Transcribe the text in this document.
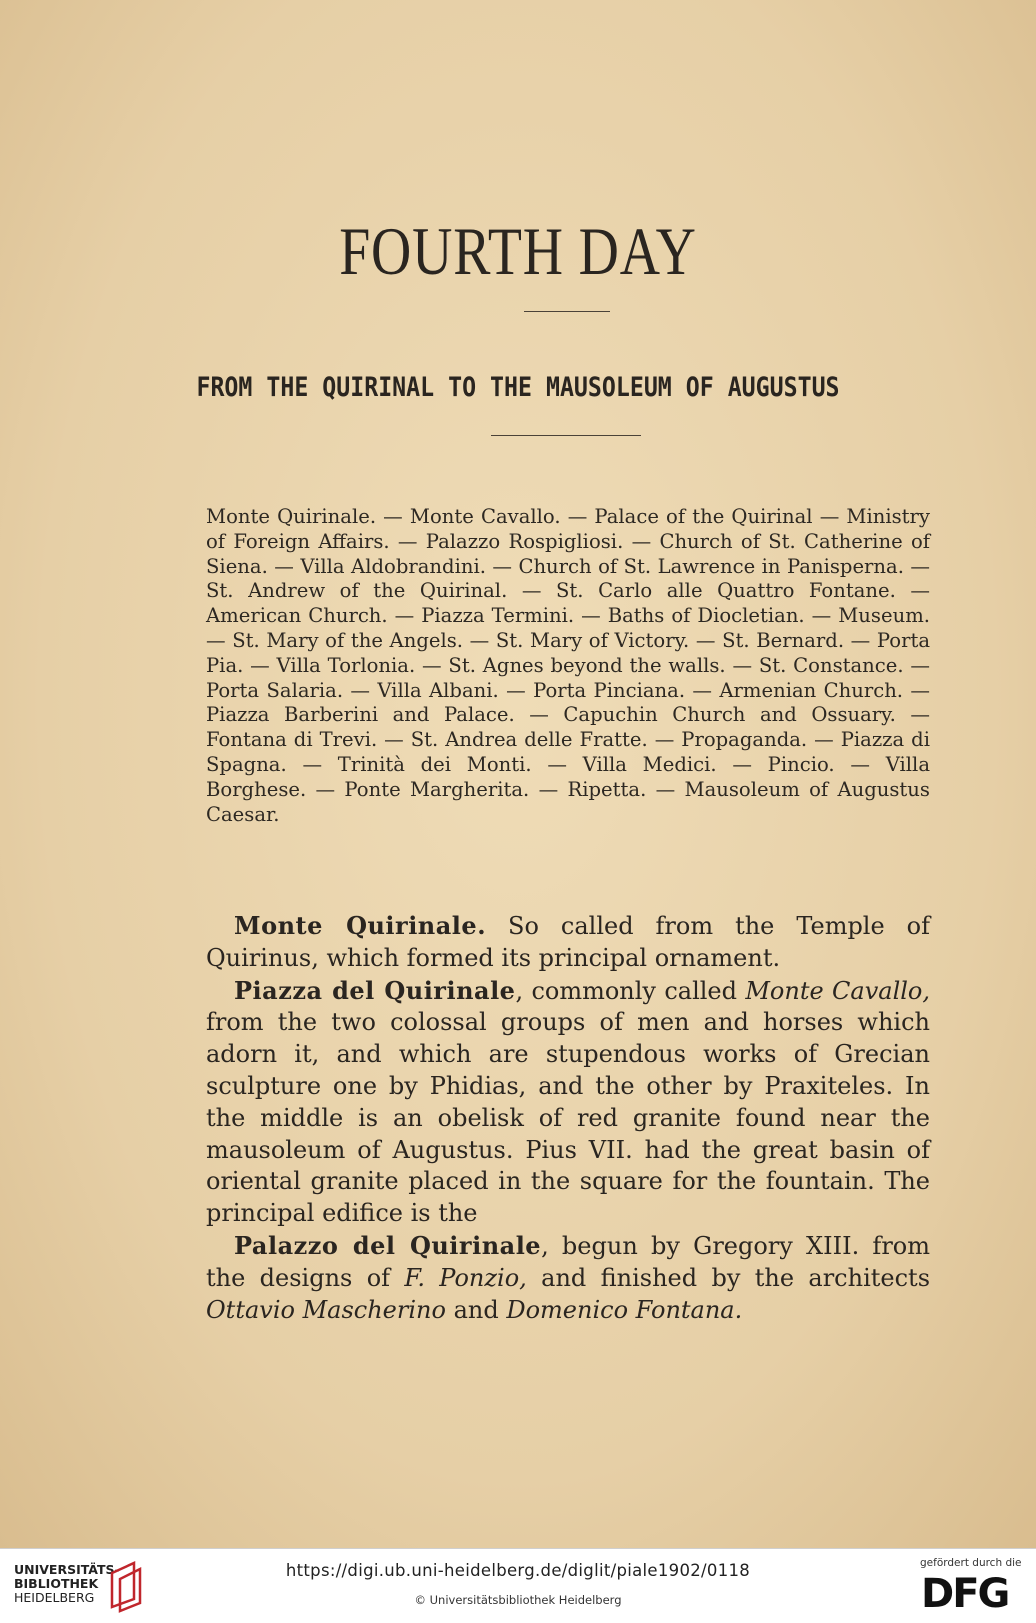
FOURTH DAY
FROM THE QUIRINAL TO THE MAUSOLEUM OF AUGUSTUS
Monte Quirinale. — Monte Cavallo. — Palace of the Quirinal — Ministry of Foreign Affairs. — Palazzo Rospigliosi. — Church of St. Catherine of Siena. — Villa Aldobrandini. — Church of St. Lawrence in Panisperna. — St. Andrew of the Quirinal. — St. Carlo alle Quattro Fontane. — American Church. — Piazza Termini. — Baths of Diocletian. — Museum. — St. Mary of the Angels. — St. Mary of Victory. — St. Bernard. — Porta Pia. — Villa Torlonia. — St. Agnes beyond the walls. — St. Constance. — Porta Salaria. — Villa Albani. — Porta Pinciana. — Armenian Church. — Piazza Barberini and Palace. — Capuchin Church and Ossuary. — Fontana di Trevi. — St. Andrea delle Fratte. — Propaganda. — Piazza di Spagna. — Trinità dei Monti. — Villa Medici. — Pincio. — Villa Borghese. — Ponte Margherita. — Ripetta. — Mausoleum of Augustus Caesar.

Monte Quirinale. So called from the Temple of Quirinus, which formed its principal ornament.

Piazza del Quirinale, commonly called Monte Cavallo, from the two colossal groups of men and horses which adorn it, and which are stupendous works of Grecian sculpture one by Phidias, and the other by Praxiteles. In the middle is an obelisk of red granite found near the mausoleum of Augustus. Pius VII. had the great basin of oriental granite placed in the square for the fountain. The principal edifice is the

Palazzo del Quirinale, begun by Gregory XIII. from the designs of F. Ponzio, and finished by the architects Ottavio Mascherino and Domenico Fontana.

UNIVERSITÄTS-
BIBLIOTHEK
HEIDELBERG
https://digi.ub.uni-heidelberg.de/diglit/piale1902/0118
© Universitätsbibliothek Heidelberg
gefördert durch die
DFG
